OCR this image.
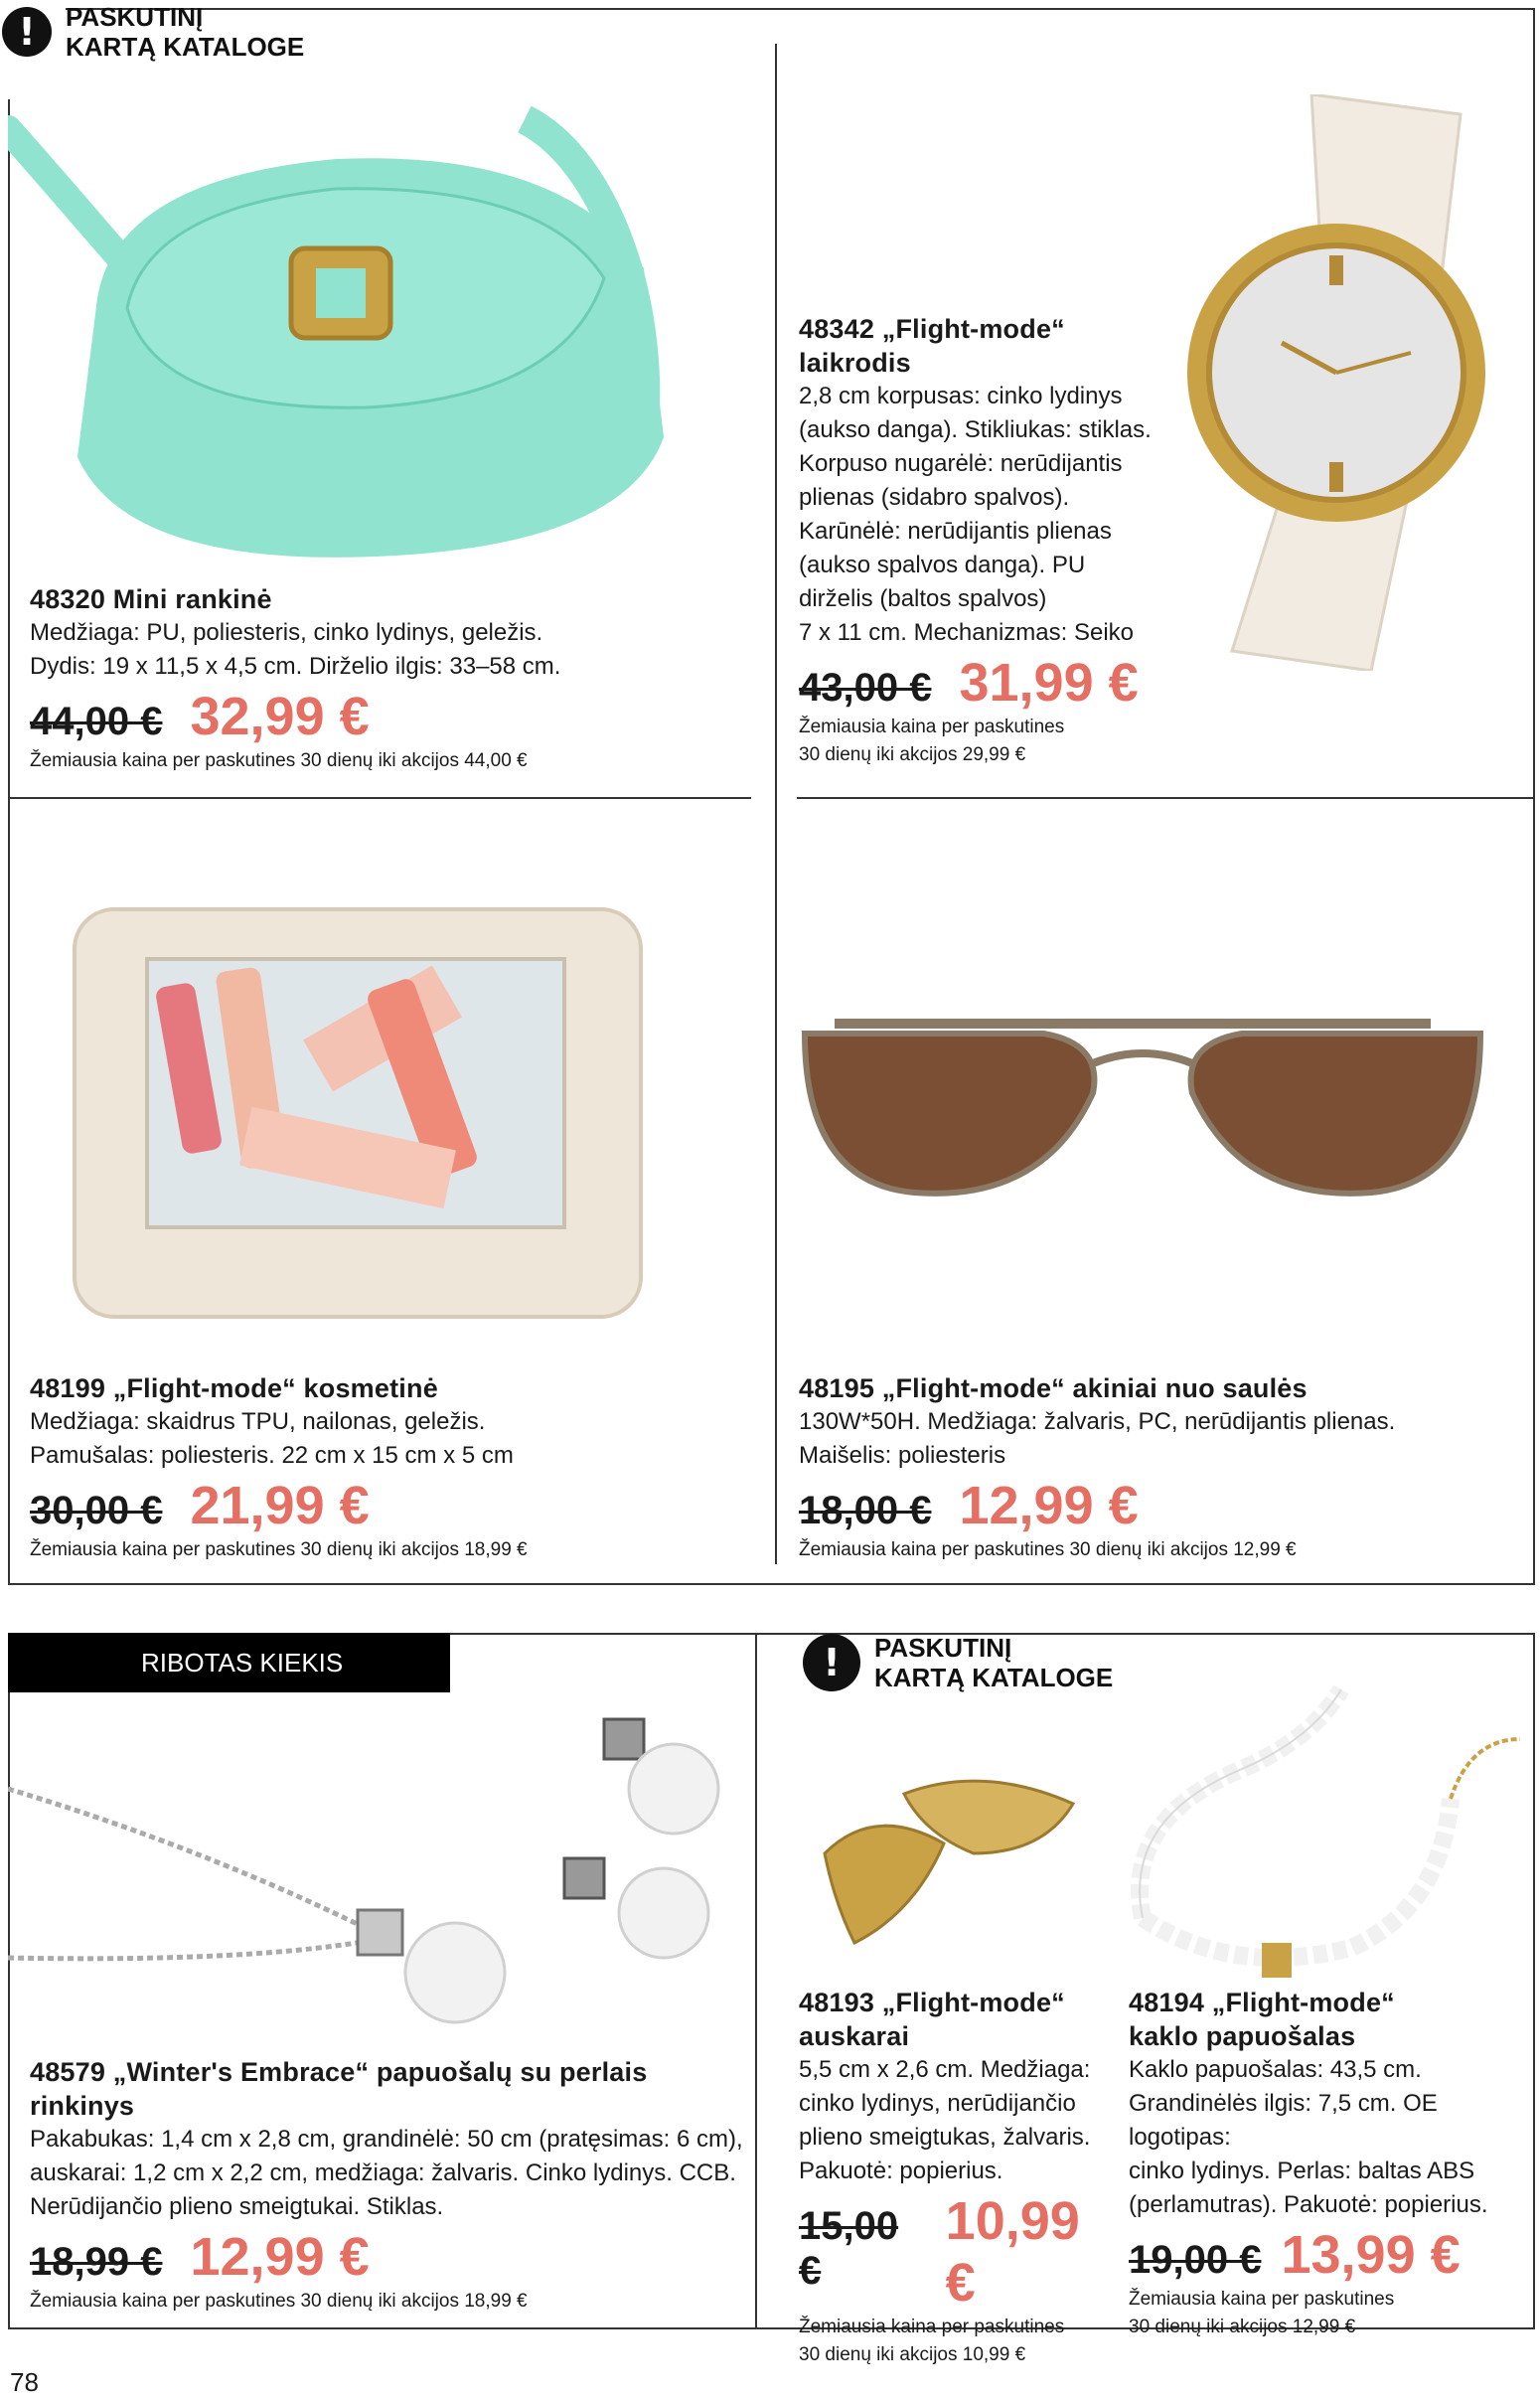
!	PASKUTINĮ
KARTĄ KATALOGE
RIBOTAS KIEKIS	!	PASKUTINĮ
KARTĄ KATALOGE

48320 Mini rankinė

Medžiaga: PU, poliesteris, cinko lydinys, geležis.

Dydis: 19 x 11,5 x 4,5 cm. Dirželio ilgis: 33–58 cm.

44,00 € 32,99 €

Žemiausia kaina per paskutines 30 dienų iki akcijos 44,00 €

48342 „Flight-mode“

laikrodis

2,8 cm korpusas: cinko lydinys

(aukso danga). Stikliukas: stiklas.

Korpuso nugarėlė: nerūdijantis

plienas (sidabro spalvos).

Karūnėlė: nerūdijantis plienas

(aukso spalvos danga). PU

dirželis (baltos spalvos)

7 x 11 cm. Mechanizmas: Seiko

43,00 € 31,99 €

Žemiausia kaina per paskutines

30 dienų iki akcijos 29,99 €

48199 „Flight-mode“ kosmetinė

Medžiaga: skaidrus TPU, nailonas, geležis.

Pamušalas: poliesteris. 22 cm x 15 cm x 5 cm

30,00 € 21,99 €

Žemiausia kaina per paskutines 30 dienų iki akcijos 18,99 €

48195 „Flight-mode“ akiniai nuo saulės

130W*50H. Medžiaga: žalvaris, PC, nerūdijantis plienas.

Maišelis: poliesteris

18,00 € 12,99 €

Žemiausia kaina per paskutines 30 dienų iki akcijos 12,99 €

48579 „Winter's Embrace“ papuošalų su perlais

rinkinys

Pakabukas: 1,4 cm x 2,8 cm, grandinėlė: 50 cm (pratęsimas: 6 cm),

auskarai: 1,2 cm x 2,2 cm, medžiaga: žalvaris. Cinko lydinys. CCB.

Nerūdijančio plieno smeigtukai. Stiklas.

18,99 € 12,99 €

Žemiausia kaina per paskutines 30 dienų iki akcijos 18,99 €

48193 „Flight-mode“

auskarai

5,5 cm x 2,6 cm. Medžiaga:

cinko lydinys, nerūdijančio

plieno smeigtukas, žalvaris.

Pakuotė: popierius.

15,00 €
10,99 €

Žemiausia kaina per paskutines

30 dienų iki akcijos 10,99 €

48194 „Flight-mode“

kaklo papuošalas

Kaklo papuošalas: 43,5 cm.

Grandinėlės ilgis: 7,5 cm. OE logotipas:

cinko lydinys. Perlas: baltas ABS

(perlamutras). Pakuotė: popierius.

19,00 € 13,99 €

Žemiausia kaina per paskutines

30 dienų iki akcijos 12,99 €

78
